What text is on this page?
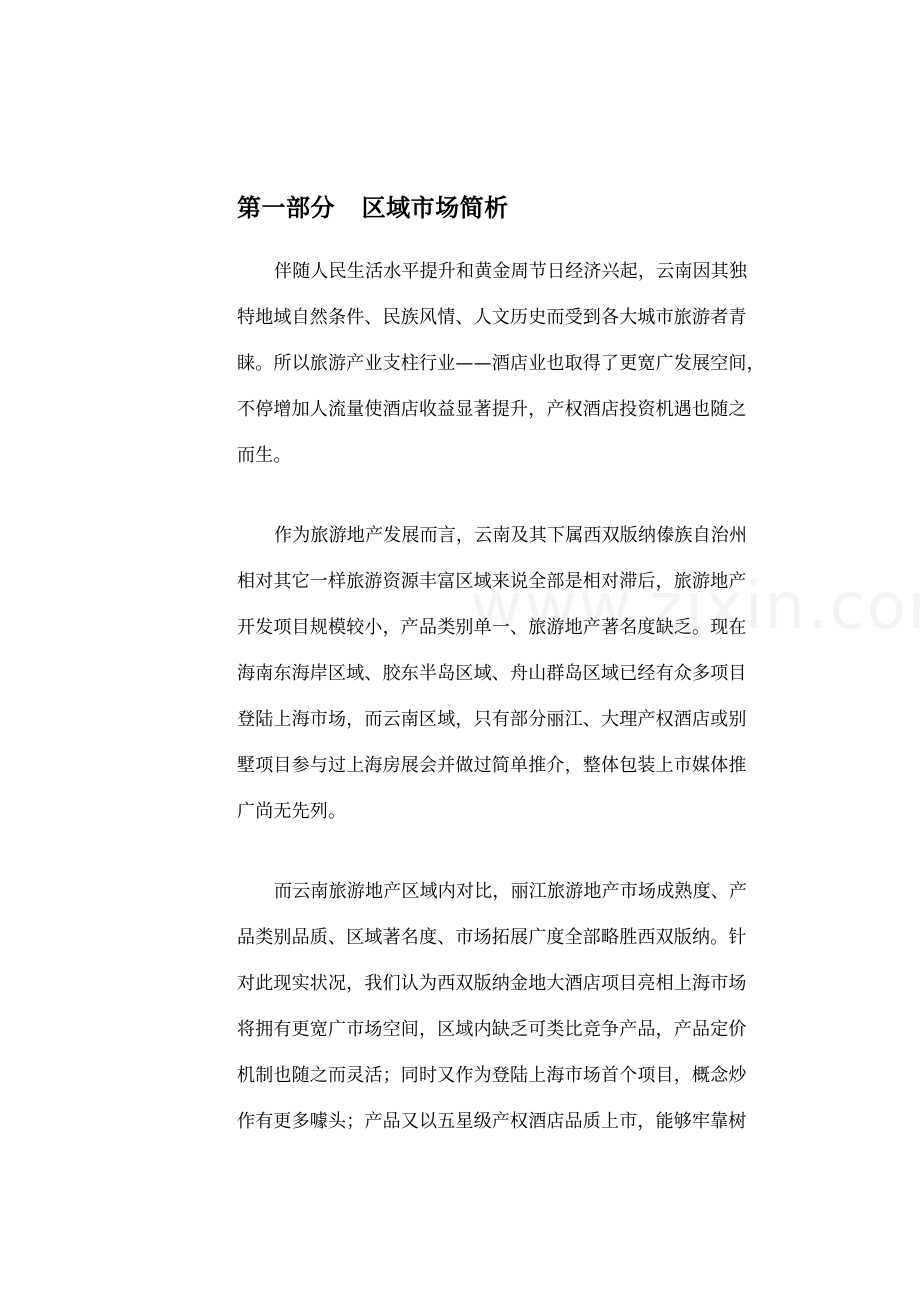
第一部分   区域市场简析
伴随人民生活水平提升和黄金周节日经济兴起，云南因其独
特地域自然条件、民族风情、人文历史而受到各大城市旅游者青
睐。所以旅游产业支柱行业——酒店业也取得了更宽广发展空间，
不停增加人流量使酒店收益显著提升，产权酒店投资机遇也随之
而生。
作为旅游地产发展而言，云南及其下属西双版纳傣族自治州
相对其它一样旅游资源丰富区域来说全部是相对滞后，旅游地产
开发项目规模较小，产品类别单一、旅游地产著名度缺乏。现在
海南东海岸区域、胶东半岛区域、舟山群岛区域已经有众多项目
登陆上海市场，而云南区域，只有部分丽江、大理产权酒店或别
墅项目参与过上海房展会并做过简单推介，整体包装上市媒体推
广尚无先列。
而云南旅游地产区域内对比，丽江旅游地产市场成熟度、产
品类别品质、区域著名度、市场拓展广度全部略胜西双版纳。针
对此现实状况，我们认为西双版纳金地大酒店项目亮相上海市场
将拥有更宽广市场空间，区域内缺乏可类比竞争产品，产品定价
机制也随之而灵活；同时又作为登陆上海市场首个项目，概念炒
作有更多噱头；产品又以五星级产权酒店品质上市，能够牢靠树
